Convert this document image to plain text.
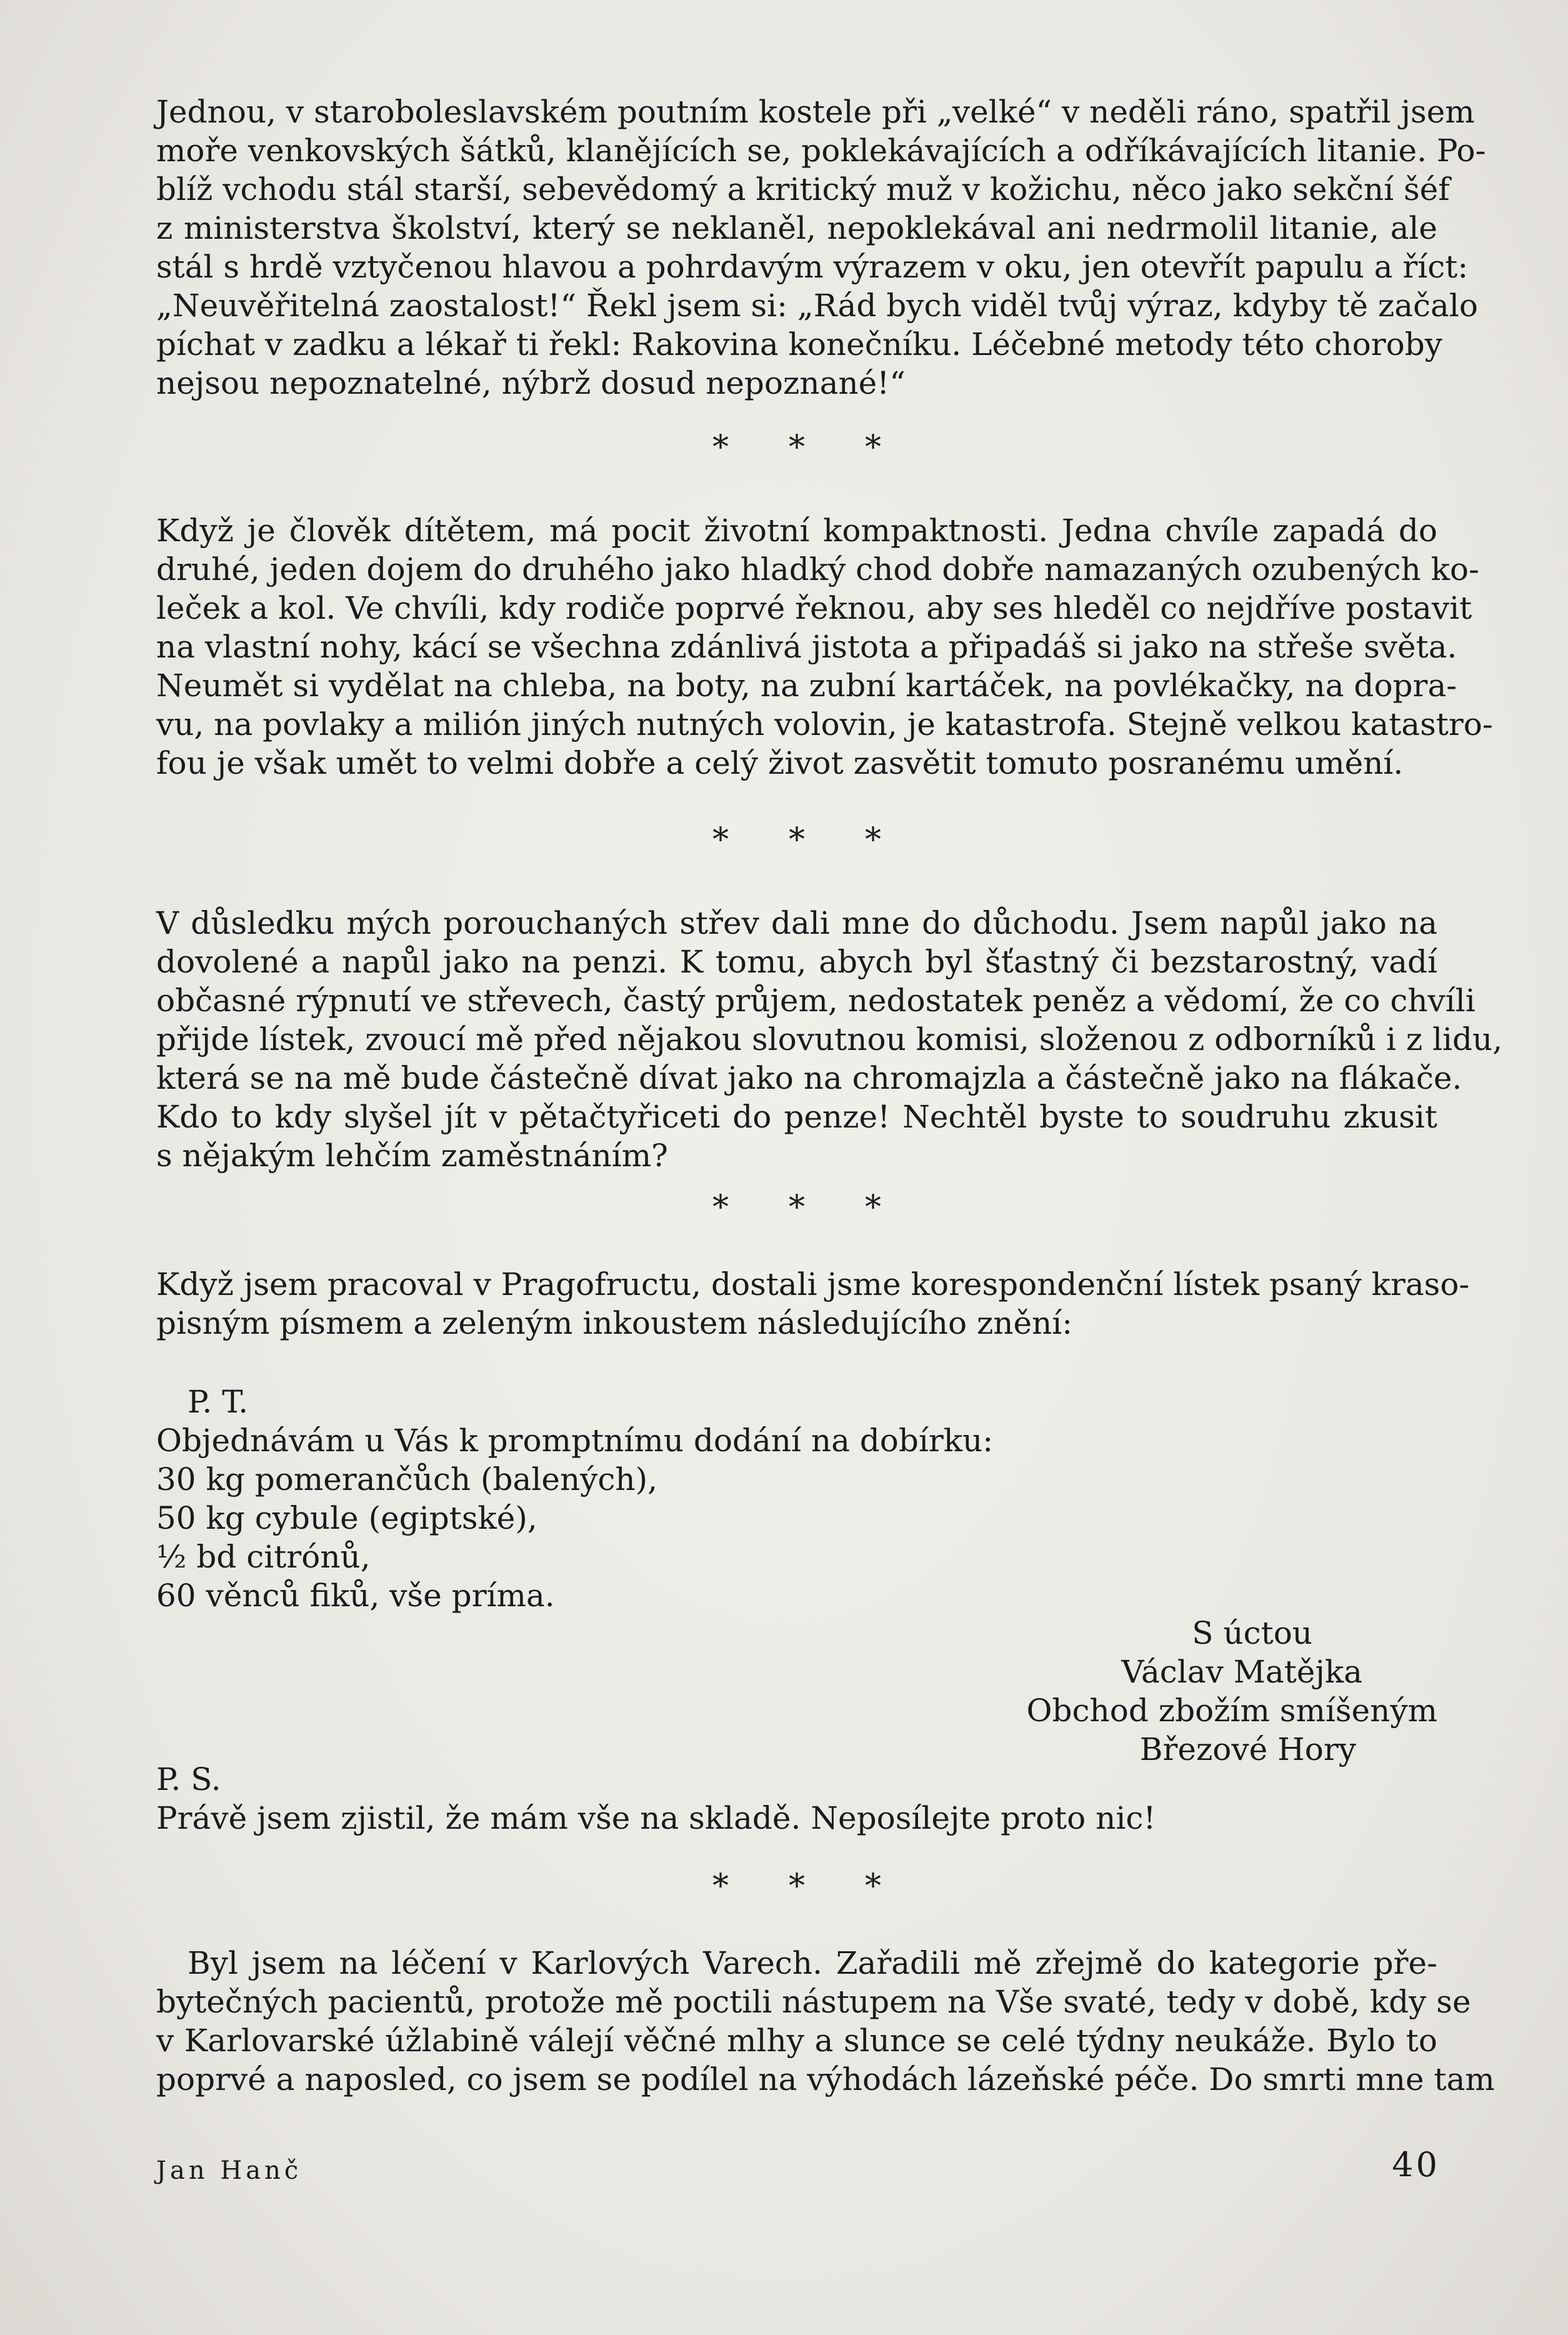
Jednou, v staroboleslavském poutním kostele při „velké“ v neděli ráno, spatřil jsem
moře venkovských šátků, klanějících se, poklekávajících a odříkávajících litanie. Po-
blíž vchodu stál starší, sebevědomý a kritický muž v kožichu, něco jako sekční šéf
z ministerstva školství, který se neklaněl, nepoklekával ani nedrmolil litanie, ale
stál s hrdě vztyčenou hlavou a pohrdavým výrazem v oku, jen otevřít papulu a říct:
„Neuvěřitelná zaostalost!“ Řekl jsem si: „Rád bych viděl tvůj výraz, kdyby tě začalo
píchat v zadku a lékař ti řekl: Rakovina konečníku. Léčebné metody této choroby
nejsou nepoznatelné, nýbrž dosud nepoznané!“

* * *

Když je člověk dítětem, má pocit životní kompaktnosti. Jedna chvíle zapadá do
druhé, jeden dojem do druhého jako hladký chod dobře namazaných ozubených ko-
leček a kol. Ve chvíli, kdy rodiče poprvé řeknou, aby ses hleděl co nejdříve postavit
na vlastní nohy, kácí se všechna zdánlivá jistota a připadáš si jako na střeše světa.
Neumět si vydělat na chleba, na boty, na zubní kartáček, na povlékačky, na dopra-
vu, na povlaky a milión jiných nutných volovin, je katastrofa. Stejně velkou katastro-
fou je však umět to velmi dobře a celý život zasvětit tomuto posranému umění.

* * *

V důsledku mých porouchaných střev dali mne do důchodu. Jsem napůl jako na
dovolené a napůl jako na penzi. K tomu, abych byl šťastný či bezstarostný, vadí
občasné rýpnutí ve střevech, častý průjem, nedostatek peněz a vědomí, že co chvíli
přijde lístek, zvoucí mě před nějakou slovutnou komisi, složenou z odborníků i z lidu,
která se na mě bude částečně dívat jako na chromajzla a částečně jako na flákače.
Kdo to kdy slyšel jít v pětačtyřiceti do penze! Nechtěl byste to soudruhu zkusit
s nějakým lehčím zaměstnáním?

* * *

Když jsem pracoval v Pragofructu, dostali jsme korespondenční lístek psaný kraso-
pisným písmem a zeleným inkoustem následujícího znění:

P. T.
Objednávám u Vás k promptnímu dodání na dobírku:
30 kg pomerančůch (balených),
50 kg cybule (egiptské),
½ bd citrónů,
60 věnců fiků, vše príma.
S úctou
Václav Matějka
Obchod zbožím smíšeným
Březové Hory
P. S.
Právě jsem zjistil, že mám vše na skladě. Neposílejte proto nic!
* * *

Byl jsem na léčení v Karlových Varech. Zařadili mě zřejmě do kategorie pře-
bytečných pacientů, protože mě poctili nástupem na Vše svaté, tedy v době, kdy se
v Karlovarské úžlabině válejí věčné mlhy a slunce se celé týdny neukáže. Bylo to
poprvé a naposled, co jsem se podílel na výhodách lázeňské péče. Do smrti mne tam

Jan Hanč	40
